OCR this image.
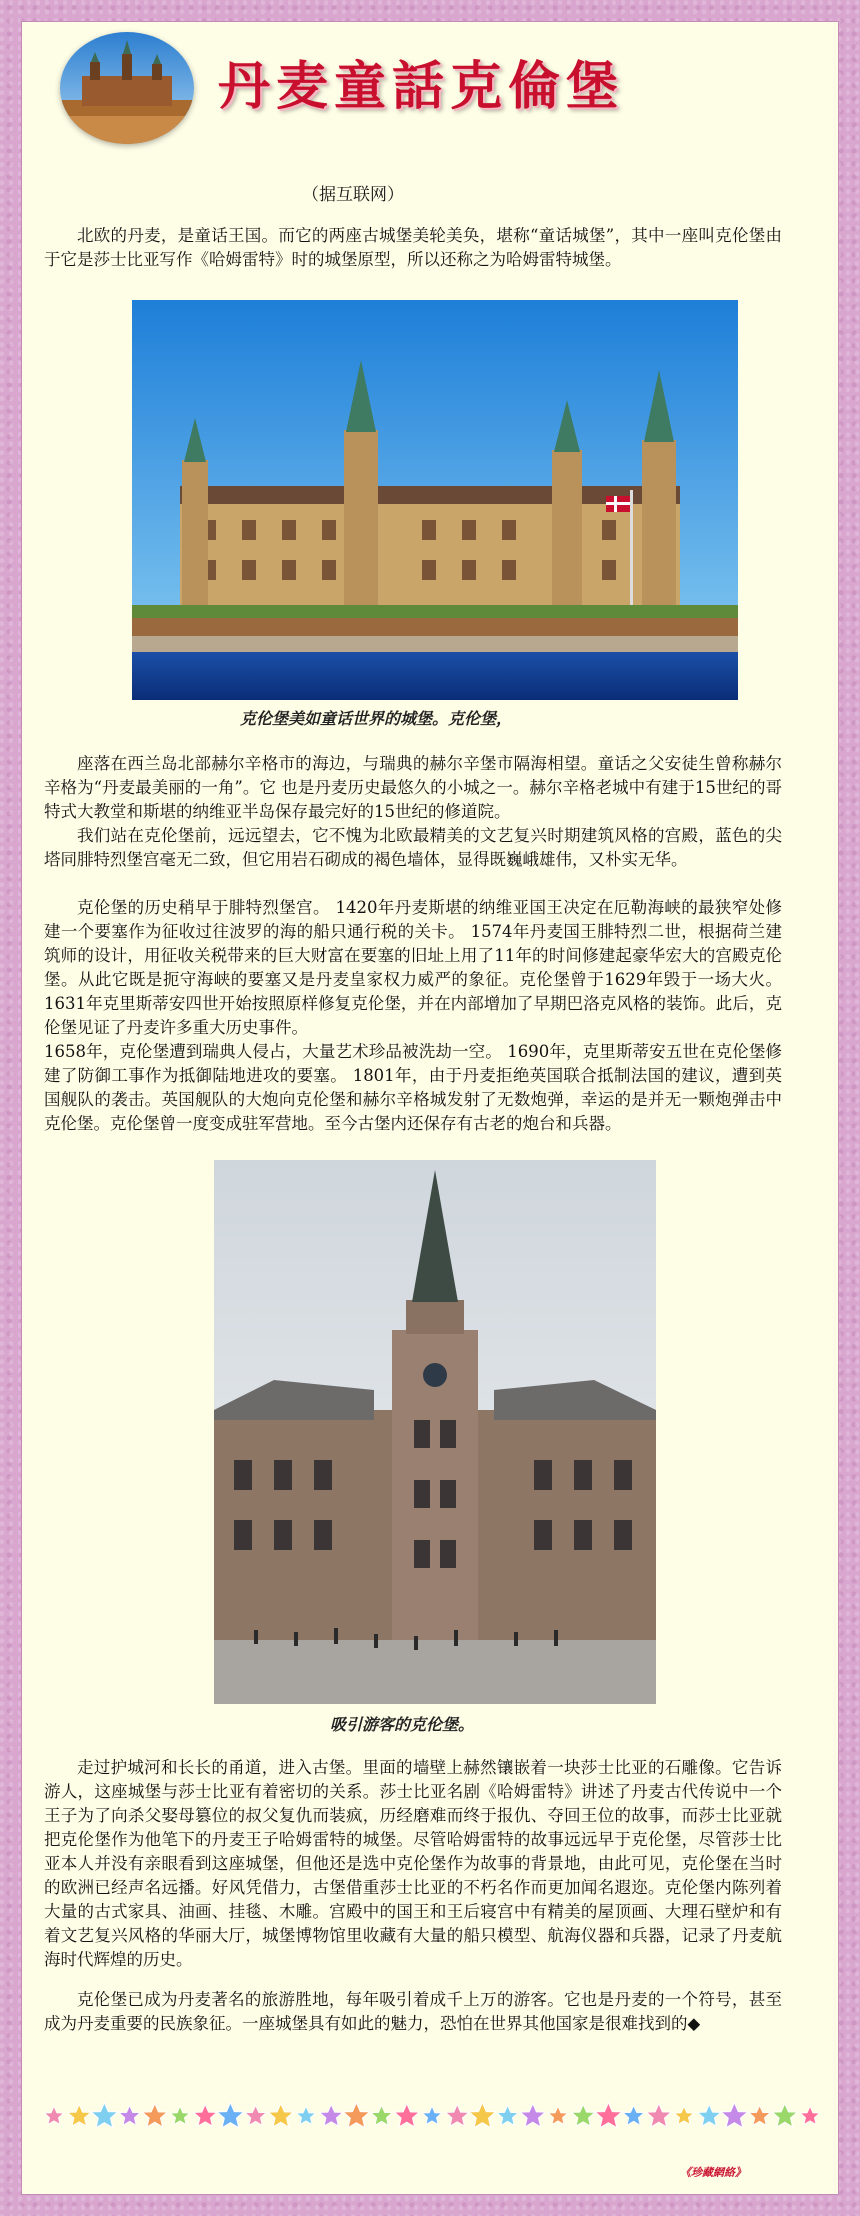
丹麦童話克倫堡
（据互联网）

北欧的丹麦，是童话王国。而它的两座古城堡美轮美奂，堪称“童话城堡”，其中一座叫克伦堡由于它是莎士比亚写作《哈姆雷特》时的城堡原型，所以还称之为哈姆雷特城堡。

克伦堡美如童话世界的城堡。克伦堡，

座落在西兰岛北部赫尔辛格市的海边，与瑞典的赫尔辛堡市隔海相望。童话之父安徒生曾称赫尔辛格为“丹麦最美丽的一角”。它 也是丹麦历史最悠久的小城之一。赫尔辛格老城中有建于15世纪的哥特式大教堂和斯堪的纳维亚半岛保存最完好的15世纪的修道院。

我们站在克伦堡前，远远望去，它不愧为北欧最精美的文艺复兴时期建筑风格的宫殿，蓝色的尖塔同腓特烈堡宫毫无二致，但它用岩石砌成的褐色墙体，显得既巍峨雄伟，又朴实无华。

克伦堡的历史稍早于腓特烈堡宫。 1420年丹麦斯堪的纳维亚国王决定在厄勒海峡的最狭窄处修建一个要塞作为征收过往波罗的海的船只通行税的关卡。 1574年丹麦国王腓特烈二世，根据荷兰建筑师的设计，用征收关税带来的巨大财富在要塞的旧址上用了11年的时间修建起豪华宏大的宫殿克伦堡。从此它既是扼守海峡的要塞又是丹麦皇家权力威严的象征。克伦堡曾于1629年毁于一场大火。 1631年克里斯蒂安四世开始按照原样修复克伦堡，并在内部增加了早期巴洛克风格的装饰。此后，克伦堡见证了丹麦许多重大历史事件。

1658年，克伦堡遭到瑞典人侵占，大量艺术珍品被洗劫一空。 1690年，克里斯蒂安五世在克伦堡修建了防御工事作为抵御陆地进攻的要塞。 1801年，由于丹麦拒绝英国联合抵制法国的建议，遭到英国舰队的袭击。英国舰队的大炮向克伦堡和赫尔辛格城发射了无数炮弹，幸运的是并无一颗炮弹击中克伦堡。克伦堡曾一度变成驻军营地。至今古堡内还保存有古老的炮台和兵器。

吸引游客的克伦堡。

走过护城河和长长的甬道，进入古堡。里面的墙壁上赫然镶嵌着一块莎士比亚的石雕像。它告诉游人，这座城堡与莎士比亚有着密切的关系。莎士比亚名剧《哈姆雷特》讲述了丹麦古代传说中一个王子为了向杀父娶母篡位的叔父复仇而装疯，历经磨难而终于报仇、夺回王位的故事，而莎士比亚就把克伦堡作为他笔下的丹麦王子哈姆雷特的城堡。尽管哈姆雷特的故事远远早于克伦堡，尽管莎士比亚本人并没有亲眼看到这座城堡，但他还是选中克伦堡作为故事的背景地，由此可见，克伦堡在当时的欧洲已经声名远播。好风凭借力，古堡借重莎士比亚的不朽名作而更加闻名遐迩。克伦堡内陈列着大量的古式家具、油画、挂毯、木雕。宫殿中的国王和王后寝宫中有精美的屋顶画、大理石壁炉和有着文艺复兴风格的华丽大厅，城堡博物馆里收藏有大量的船只模型、航海仪器和兵器，记录了丹麦航海时代辉煌的历史。

克伦堡已成为丹麦著名的旅游胜地，每年吸引着成千上万的游客。它也是丹麦的一个符号，甚至成为丹麦重要的民族象征。一座城堡具有如此的魅力，恐怕在世界其他国家是很难找到的◆

《珍藏網絡》
